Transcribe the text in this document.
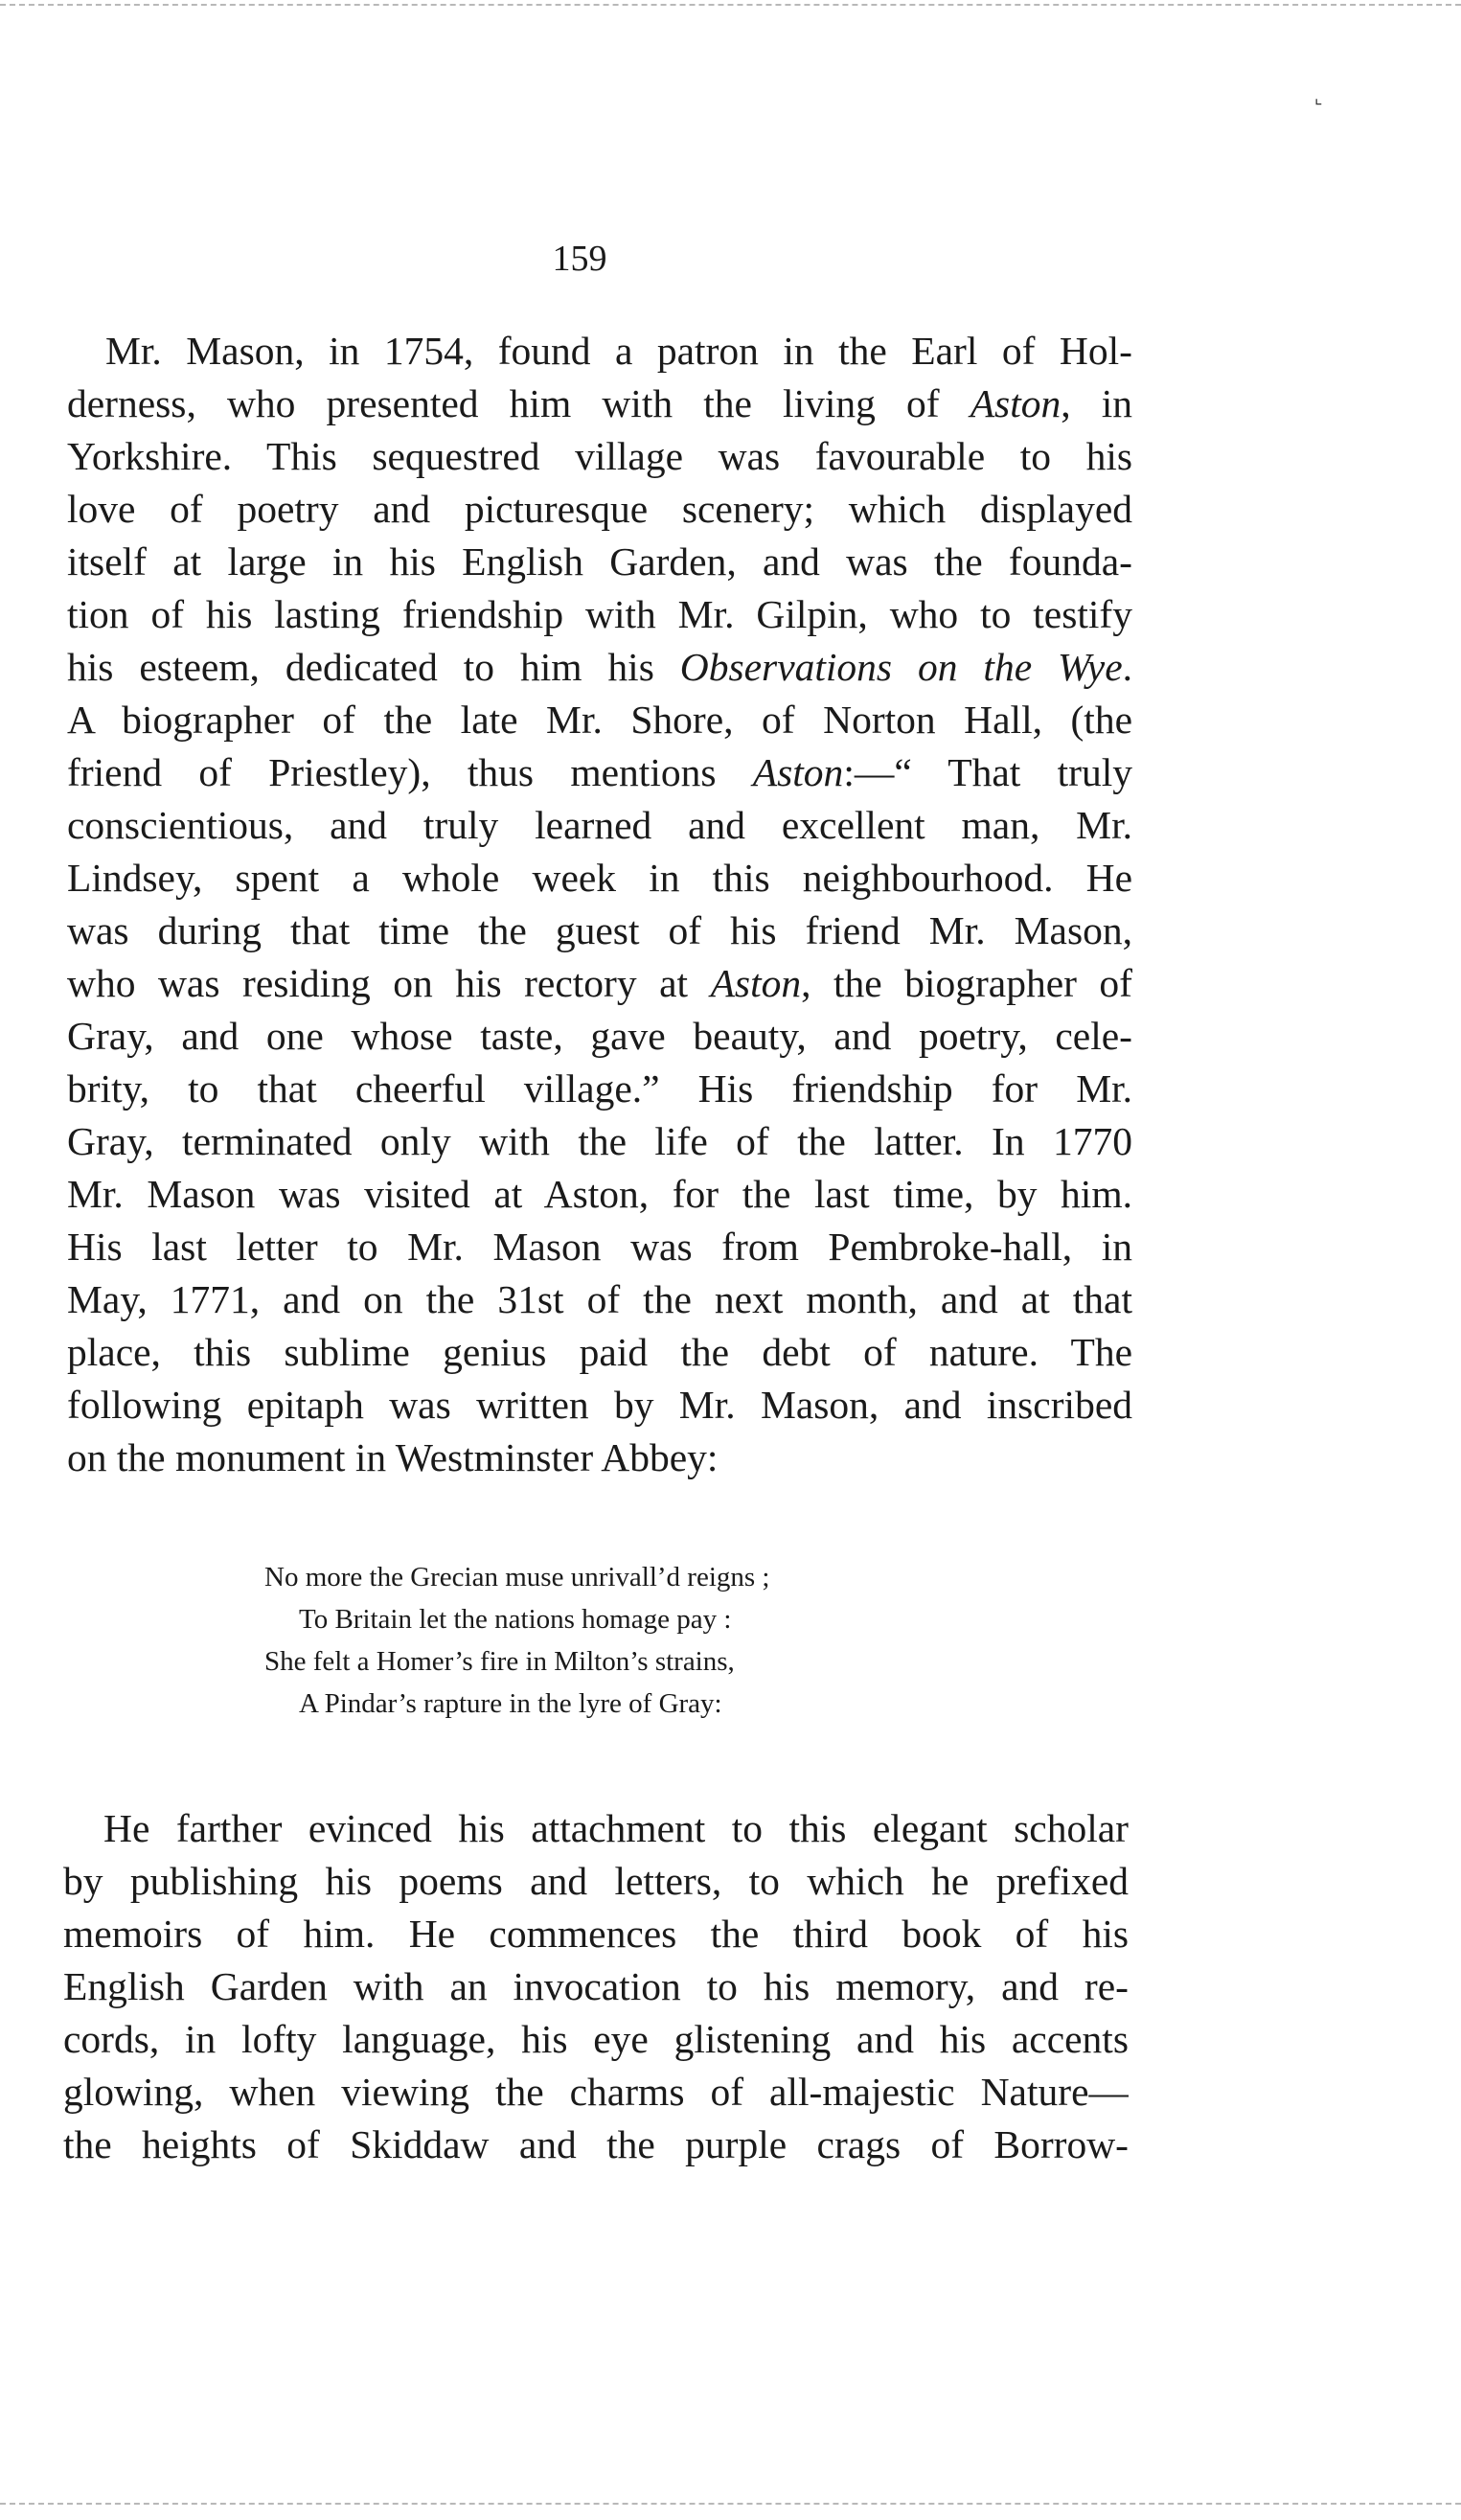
⌞
159
Mr. Mason, in 1754, found a patron in the Earl of Hol-
derness, who presented him with the living of Aston, in
Yorkshire. This sequestred village was favourable to his
love of poetry and picturesque scenery; which displayed
itself at large in his English Garden, and was the founda-
tion of his lasting friendship with Mr. Gilpin, who to testify
his esteem, dedicated to him his Observations on the Wye.
A biographer of the late Mr. Shore, of Norton Hall, (the
friend of Priestley), thus mentions Aston:—“ That truly
conscientious, and truly learned and excellent man, Mr.
Lindsey, spent a whole week in this neighbourhood. He
was during that time the guest of his friend Mr. Mason,
who was residing on his rectory at Aston, the biographer of
Gray, and one whose taste, gave beauty, and poetry, cele-
brity, to that cheerful village.” His friendship for Mr.
Gray, terminated only with the life of the latter. In 1770
Mr. Mason was visited at Aston, for the last time, by him.
His last letter to Mr. Mason was from Pembroke-hall, in
May, 1771, and on the 31st of the next month, and at that
place, this sublime genius paid the debt of nature. The
following epitaph was written by Mr. Mason, and inscribed
on the monument in Westminster Abbey:
No more the Grecian muse unrivall’d reigns ;
To Britain let the nations homage pay :
She felt a Homer’s fire in Milton’s strains,
A Pindar’s rapture in the lyre of Gray:
He farther evinced his attachment to this elegant scholar
by publishing his poems and letters, to which he prefixed
memoirs of him. He commences the third book of his
English Garden with an invocation to his memory, and re-
cords, in lofty language, his eye glistening and his accents
glowing, when viewing the charms of all-majestic Nature—
the heights of Skiddaw and the purple crags of Borrow-
